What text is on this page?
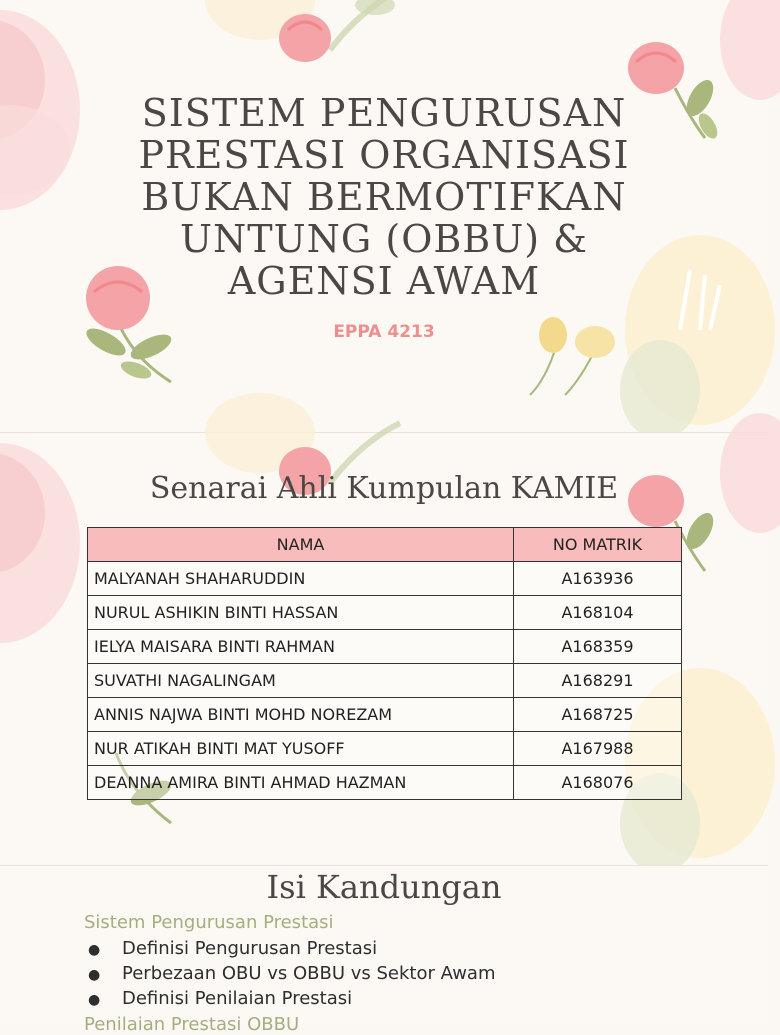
SISTEM PENGURUSAN
PRESTASI ORGANISASI
BUKAN BERMOTIFKAN
UNTUNG (OBBU) &
AGENSI AWAM
EPPA 4213
Senarai Ahli Kumpulan KAMIE
NAMA	NO MATRIK
MALYANAH SHAHARUDDIN	A163936
NURUL ASHIKIN BINTI HASSAN	A168104
IELYA MAISARA BINTI RAHMAN	A168359
SUVATHI NAGALINGAM	A168291
ANNIS NAJWA BINTI MOHD NOREZAM	A168725
NUR ATIKAH BINTI MAT YUSOFF	A167988
DEANNA AMIRA BINTI AHMAD HAZMAN	A168076
Isi Kandungan
Sistem Pengurusan Prestasi
● Definisi Pengurusan Prestasi
● Perbezaan OBU vs OBBU vs Sektor Awam
● Definisi Penilaian Prestasi
Penilaian Prestasi OBBU
